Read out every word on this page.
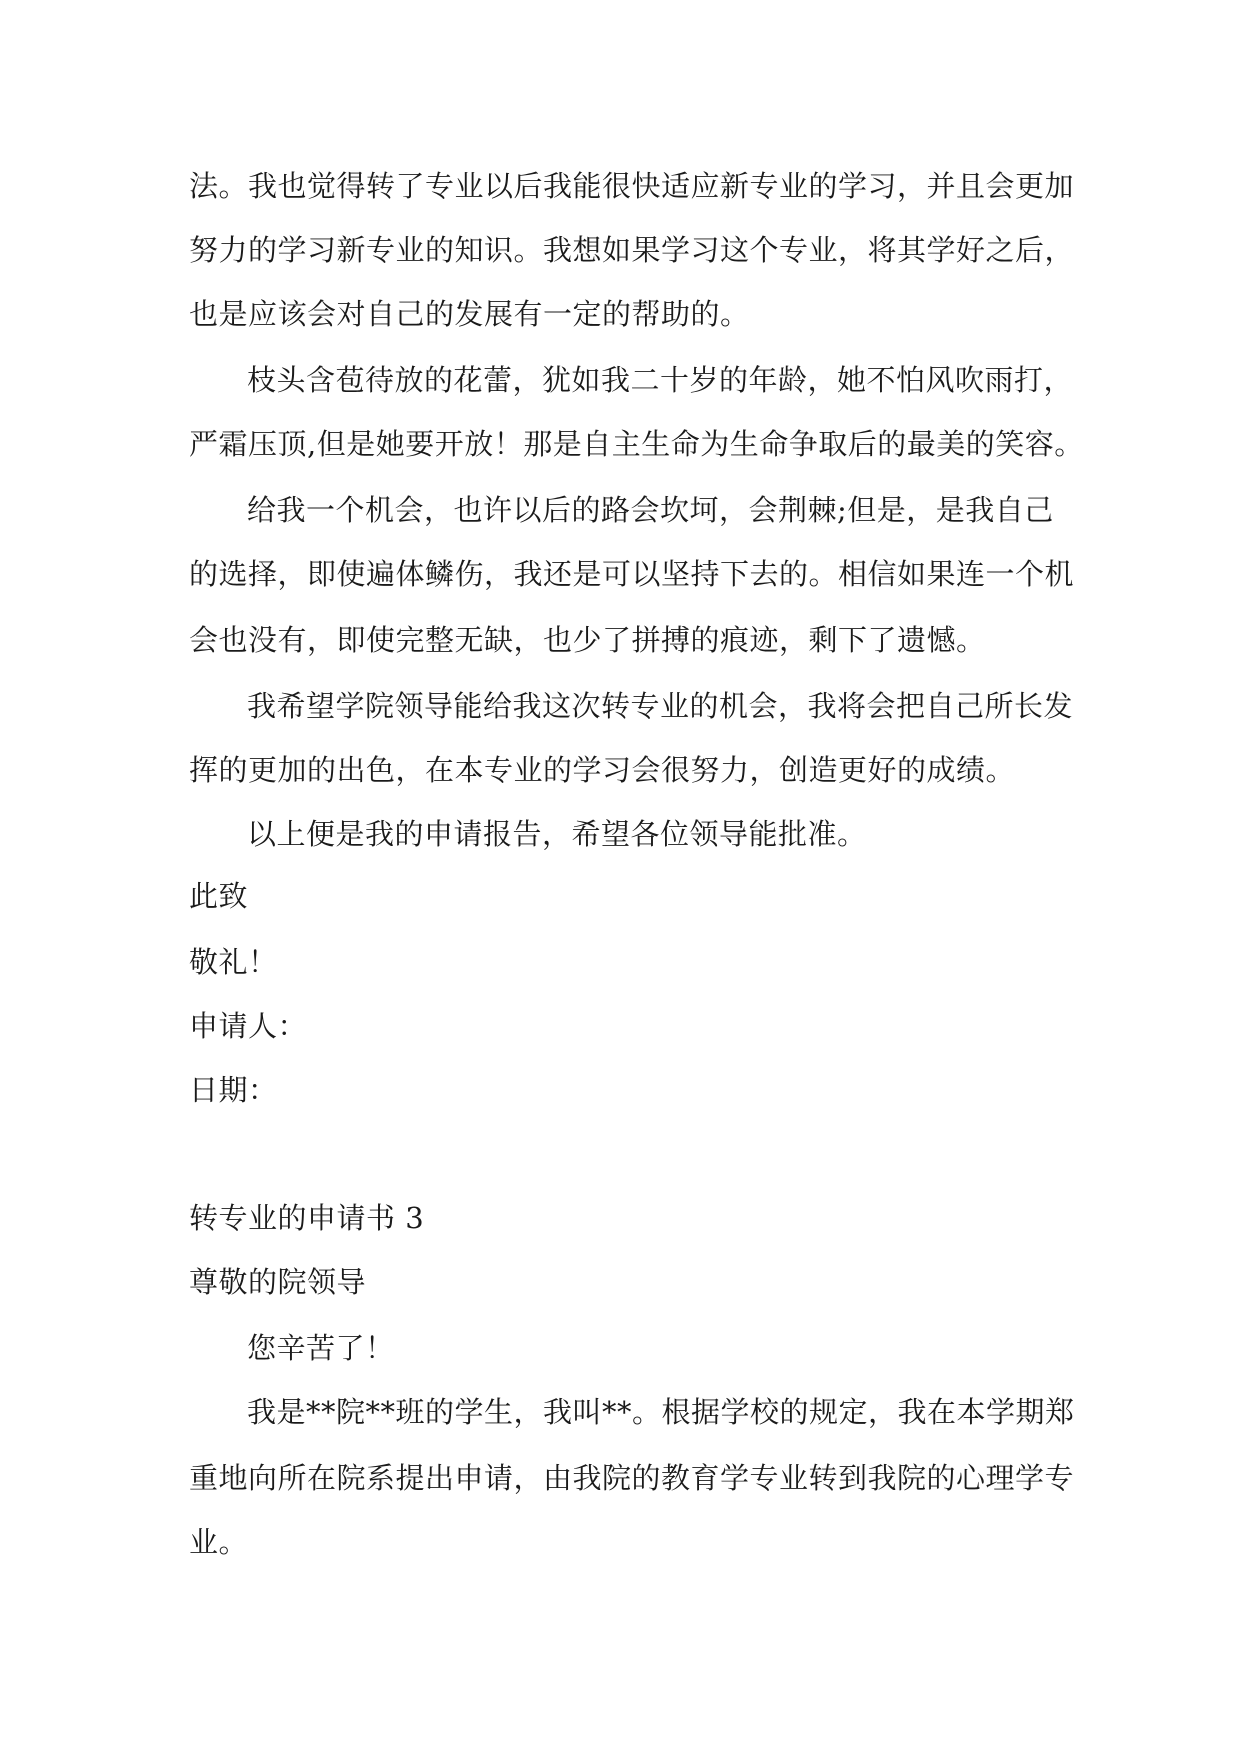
法。我也觉得转了专业以后我能很快适应新专业的学习，并且会更加
努力的学习新专业的知识。我想如果学习这个专业，将其学好之后，
也是应该会对自己的发展有一定的帮助的。
枝头含苞待放的花蕾，犹如我二十岁的年龄，她不怕风吹雨打，
严霜压顶,但是她要开放！那是自主生命为生命争取后的最美的笑容。
给我一个机会，也许以后的路会坎坷，会荆棘;但是，是我自己
的选择，即使遍体鳞伤，我还是可以坚持下去的。相信如果连一个机
会也没有，即使完整无缺，也少了拼搏的痕迹，剩下了遗憾。
我希望学院领导能给我这次转专业的机会，我将会把自己所长发
挥的更加的出色，在本专业的学习会很努力，创造更好的成绩。
以上便是我的申请报告，希望各位领导能批准。
此致
敬礼！
申请人：
日期：
转专业的申请书 3
尊敬的院领导
您辛苦了！
我是**院**班的学生，我叫**。根据学校的规定，我在本学期郑
重地向所在院系提出申请，由我院的教育学专业转到我院的心理学专
业。
